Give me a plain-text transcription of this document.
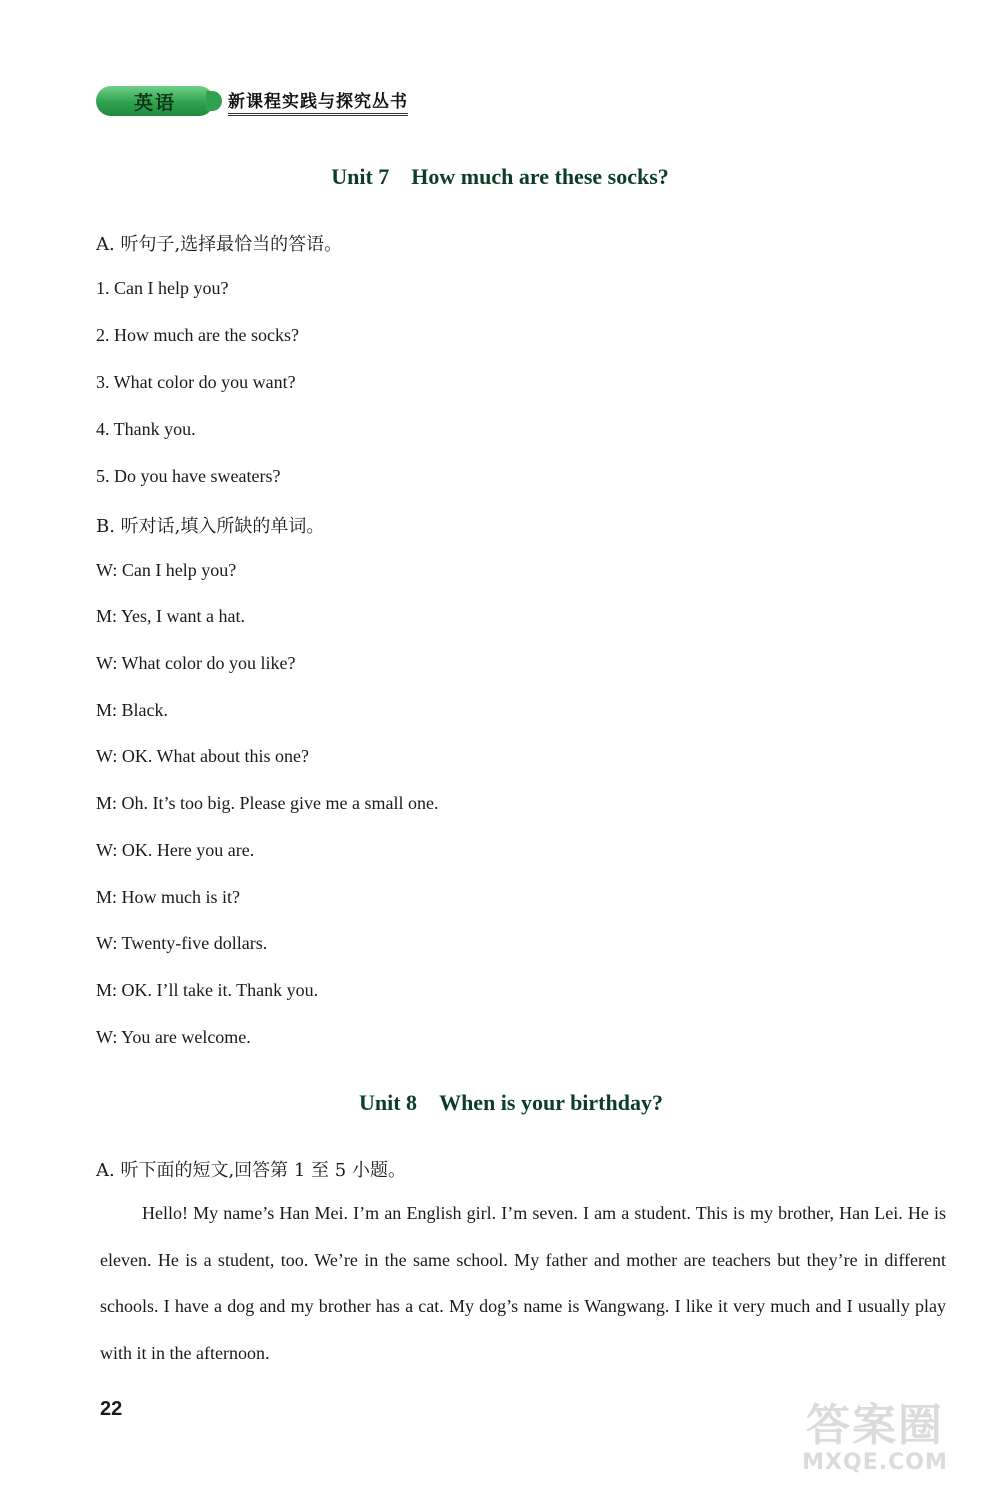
英语	新课程实践与探究丛书
Unit 7 How much are these socks?
A. 听句子,选择最恰当的答语。
1. Can I help you?
2. How much are the socks?
3. What color do you want?
4. Thank you.
5. Do you have sweaters?
B. 听对话,填入所缺的单词。
W: Can I help you?
M: Yes, I want a hat.
W: What color do you like?
M: Black.
W: OK. What about this one?
M: Oh. It’s too big. Please give me a small one.
W: OK. Here you are.
M: How much is it?
W: Twenty-five dollars.
M: OK. I’ll take it. Thank you.
W: You are welcome.
Unit 8 When is your birthday?
A. 听下面的短文,回答第 1 至 5 小题。
Hello! My name’s Han Mei. I’m an English girl. I’m seven. I am a student. This is my brother, Han Lei. He is eleven. He is a student, too. We’re in the same school. My father and mother are teachers but they’re in different schools. I have a dog and my brother has a cat. My dog’s name is Wangwang. I like it very much and I usually play with it in the afternoon.
22	答案圈
MXQE.COM
